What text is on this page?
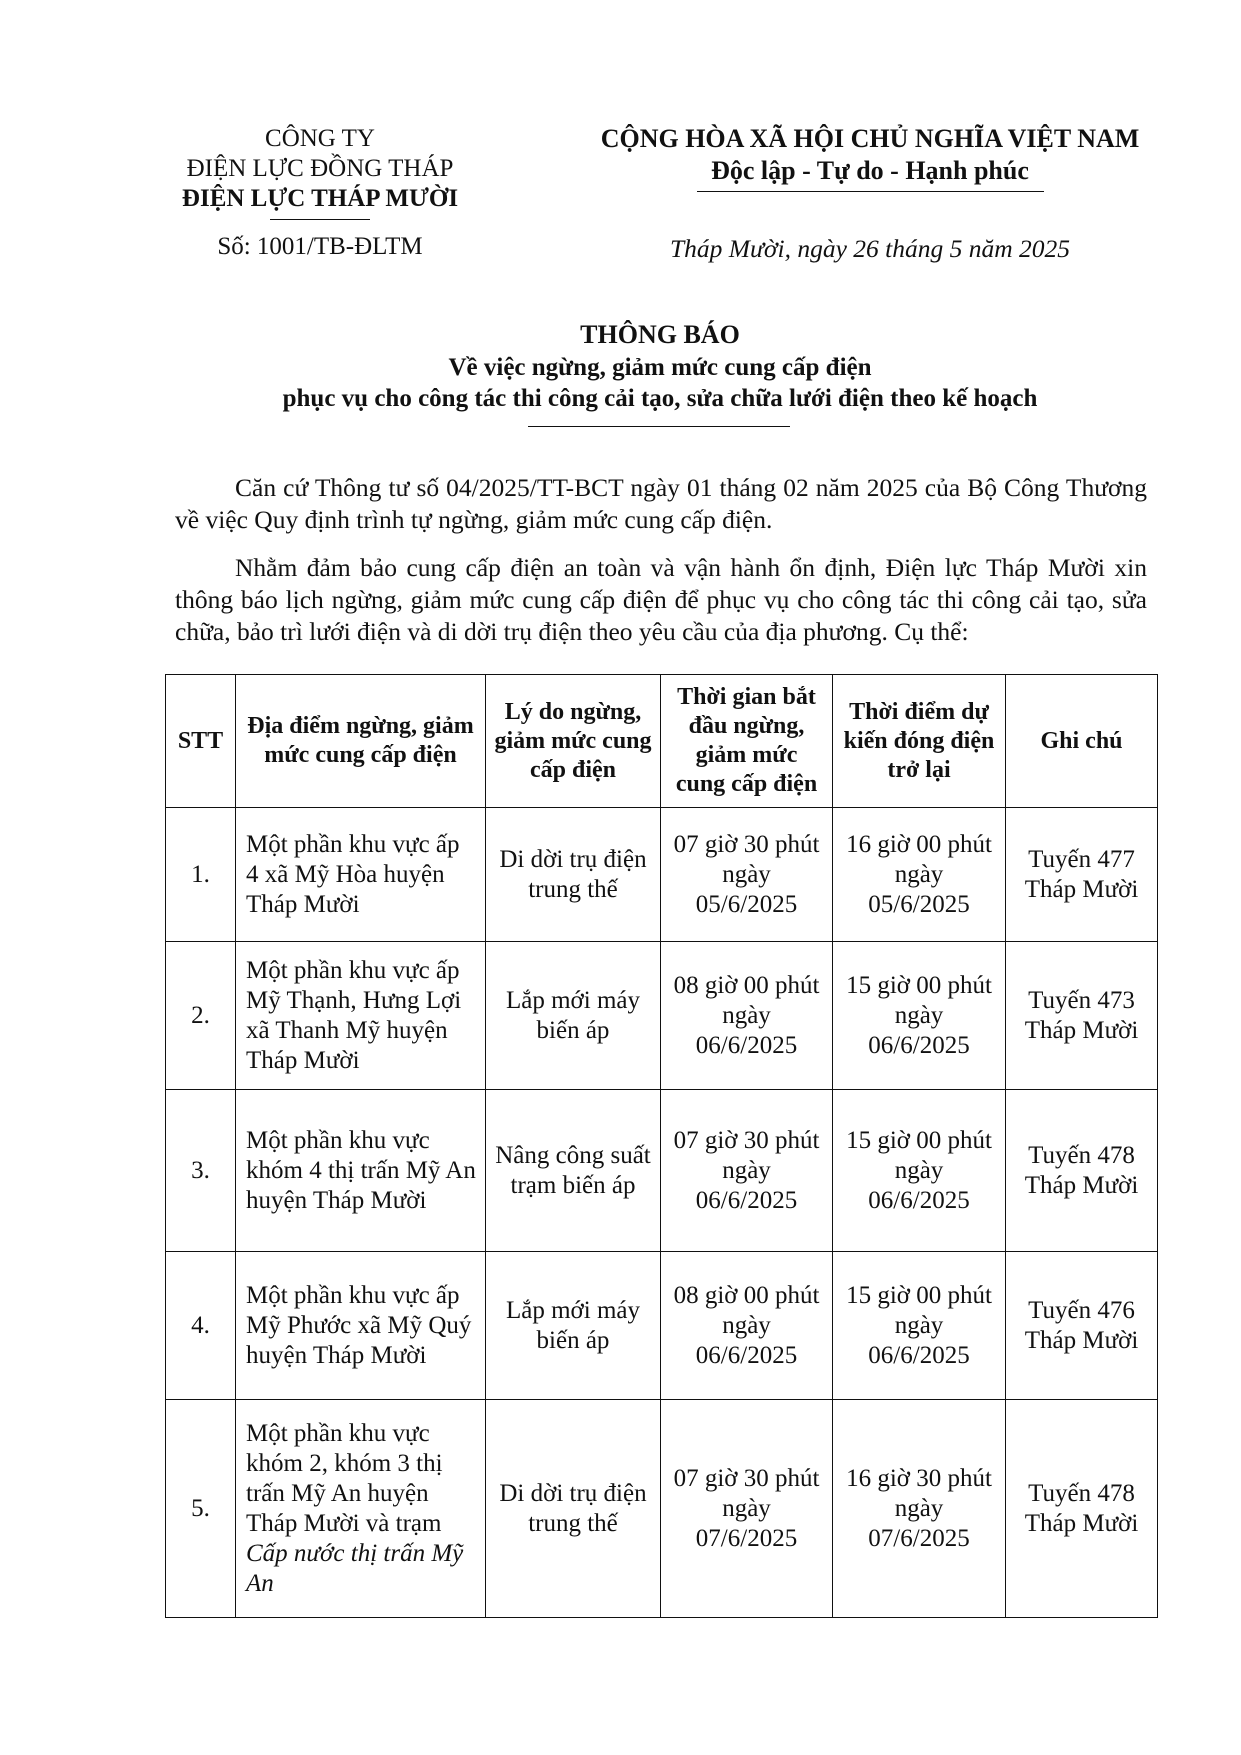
CÔNG TY
ĐIỆN LỰC ĐỒNG THÁP
ĐIỆN LỰC THÁP MƯỜI
Số: 1001/TB-ĐLTM
CỘNG HÒA XÃ HỘI CHỦ NGHĨA VIỆT NAM
Độc lập - Tự do - Hạnh phúc
Tháp Mười, ngày 26 tháng 5 năm 2025
THÔNG BÁO
Về việc ngừng, giảm mức cung cấp điện
phục vụ cho công tác thi công cải tạo, sửa chữa lưới điện theo kế hoạch

Căn cứ Thông tư số 04/2025/TT-BCT ngày 01 tháng 02 năm 2025 của Bộ Công Thương về việc Quy định trình tự ngừng, giảm mức cung cấp điện.

Nhằm đảm bảo cung cấp điện an toàn và vận hành ổn định, Điện lực Tháp Mười xin thông báo lịch ngừng, giảm mức cung cấp điện để phục vụ cho công tác thi công cải tạo, sửa chữa, bảo trì lưới điện và di dời trụ điện theo yêu cầu của địa phương. Cụ thể:

STT	Địa điểm ngừng, giảm mức cung cấp điện	Lý do ngừng, giảm mức cung cấp điện	Thời gian bắt đầu ngừng, giảm mức cung cấp điện	Thời điểm dự kiến đóng điện trở lại	Ghi chú
1.	Một phần khu vực ấp 4 xã Mỹ Hòa huyện Tháp Mười	Di dời trụ điện trung thế	07 giờ 30 phút ngày 05/6/2025	16 giờ 00 phút ngày 05/6/2025	Tuyến 477 Tháp Mười
2.	Một phần khu vực ấp Mỹ Thạnh, Hưng Lợi xã Thanh Mỹ huyện Tháp Mười	Lắp mới máy biến áp	08 giờ 00 phút ngày 06/6/2025	15 giờ 00 phút ngày 06/6/2025	Tuyến 473 Tháp Mười
3.	Một phần khu vực khóm 4 thị trấn Mỹ An huyện Tháp Mười	Nâng công suất trạm biến áp	07 giờ 30 phút ngày 06/6/2025	15 giờ 00 phút ngày 06/6/2025	Tuyến 478 Tháp Mười
4.	Một phần khu vực ấp Mỹ Phước xã Mỹ Quý huyện Tháp Mười	Lắp mới máy biến áp	08 giờ 00 phút ngày 06/6/2025	15 giờ 00 phút ngày 06/6/2025	Tuyến 476 Tháp Mười
5.	Một phần khu vực khóm 2, khóm 3 thị trấn Mỹ An huyện Tháp Mười và trạm Cấp nước thị trấn Mỹ An	Di dời trụ điện trung thế	07 giờ 30 phút ngày 07/6/2025	16 giờ 30 phút ngày 07/6/2025	Tuyến 478 Tháp Mười
